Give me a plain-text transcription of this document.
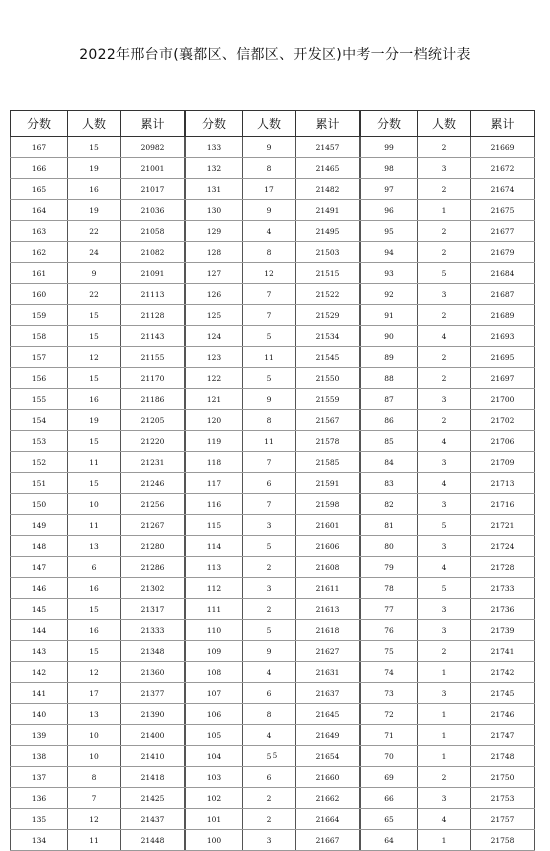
2022年邢台市(襄都区、信都区、开发区)中考一分一档统计表
分数	人数	累计
167	15	20982
166	19	21001
165	16	21017
164	19	21036
163	22	21058
162	24	21082
161	9	21091
160	22	21113
159	15	21128
158	15	21143
157	12	21155
156	15	21170
155	16	21186
154	19	21205
153	15	21220
152	11	21231
151	15	21246
150	10	21256
149	11	21267
148	13	21280
147	6	21286
146	16	21302
145	15	21317
144	16	21333
143	15	21348
142	12	21360
141	17	21377
140	13	21390
139	10	21400
138	10	21410
137	8	21418
136	7	21425
135	12	21437
134	11	21448
分数	人数	累计
133	9	21457
132	8	21465
131	17	21482
130	9	21491
129	4	21495
128	8	21503
127	12	21515
126	7	21522
125	7	21529
124	5	21534
123	11	21545
122	5	21550
121	9	21559
120	8	21567
119	11	21578
118	7	21585
117	6	21591
116	7	21598
115	3	21601
114	5	21606
113	2	21608
112	3	21611
111	2	21613
110	5	21618
109	9	21627
108	4	21631
107	6	21637
106	8	21645
105	4	21649
104	5	21654
103	6	21660
102	2	21662
101	2	21664
100	3	21667
分数	人数	累计
99	2	21669
98	3	21672
97	2	21674
96	1	21675
95	2	21677
94	2	21679
93	5	21684
92	3	21687
91	2	21689
90	4	21693
89	2	21695
88	2	21697
87	3	21700
86	2	21702
85	4	21706
84	3	21709
83	4	21713
82	3	21716
81	5	21721
80	3	21724
79	4	21728
78	5	21733
77	3	21736
76	3	21739
75	2	21741
74	1	21742
73	3	21745
72	1	21746
71	1	21747
70	1	21748
69	2	21750
66	3	21753
65	4	21757
64	1	21758
5
